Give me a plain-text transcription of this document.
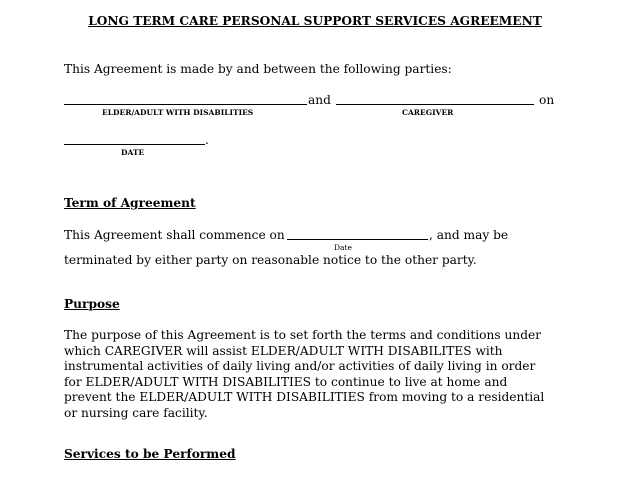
LONG TERM CARE PERSONAL SUPPORT SERVICES AGREEMENT
This Agreement is made by and between the following parties:
and	on
ELDER/ADULT WITH DISABILITIES	CAREGIVER
.
DATE
Term of Agreement
This Agreement shall commence on	, and may be
Date
terminated by either party on reasonable notice to the other party.
Purpose
The purpose of this Agreement is to set forth the terms and conditions under
which CAREGIVER will assist ELDER/ADULT WITH DISABILITES with
instrumental activities of daily living and/or activities of daily living in order
for ELDER/ADULT WITH DISABILITIES to continue to live at home and
prevent the ELDER/ADULT WITH DISABILITIES from moving to a residential
or nursing care facility.
Services to be Performed
